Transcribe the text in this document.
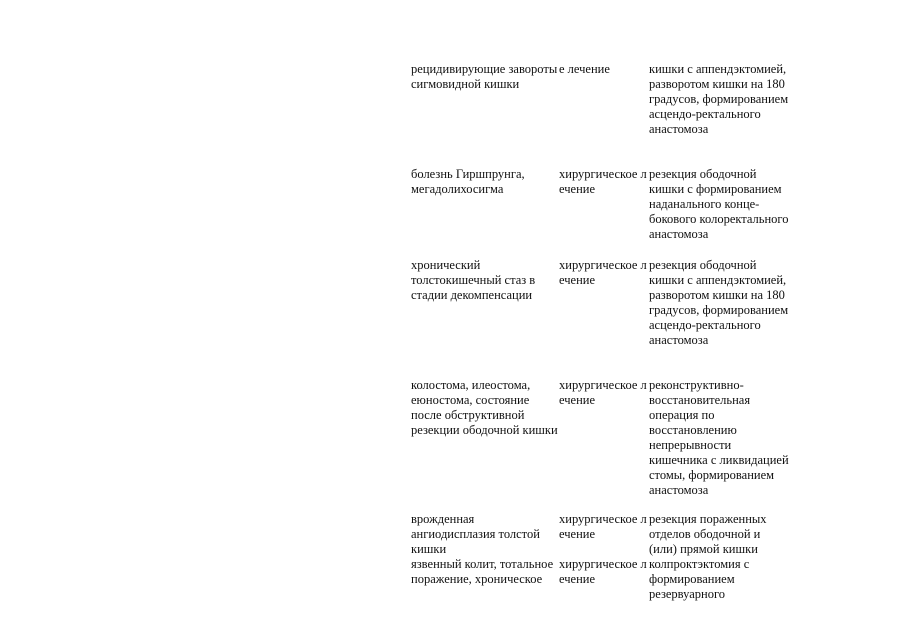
рецидивирующие завороты сигмовидной кишки
е лечение	кишки с аппендэктомией, разворотом кишки на 180 градусов, формированием асцендо-ректального анастомоза
болезнь Гиршпрунга, мегадолихосигма
хирургическое лечение
резекция ободочной кишки с формированием наданального конце-бокового колоректального анастомоза
хронический толстокишечный стаз в стадии декомпенсации
хирургическое лечение
резекция ободочной кишки с аппендэктомией, разворотом кишки на 180 градусов, формированием асцендо-ректального анастомоза
колостома, илеостома, еюностома, состояние после обструктивной резекции ободочной кишки
хирургическое лечение
реконструктивно-восстановительная операция по восстановлению непрерывности кишечника с ликвидацией стомы, формированием анастомоза
врожденная ангиодисплазия толстой кишки
хирургическое лечение
резекция пораженных отделов ободочной и (или) прямой кишки
язвенный колит, тотальное поражение, хроническое
хирургическое лечение
колпроктэктомия с формированием резервуарного
